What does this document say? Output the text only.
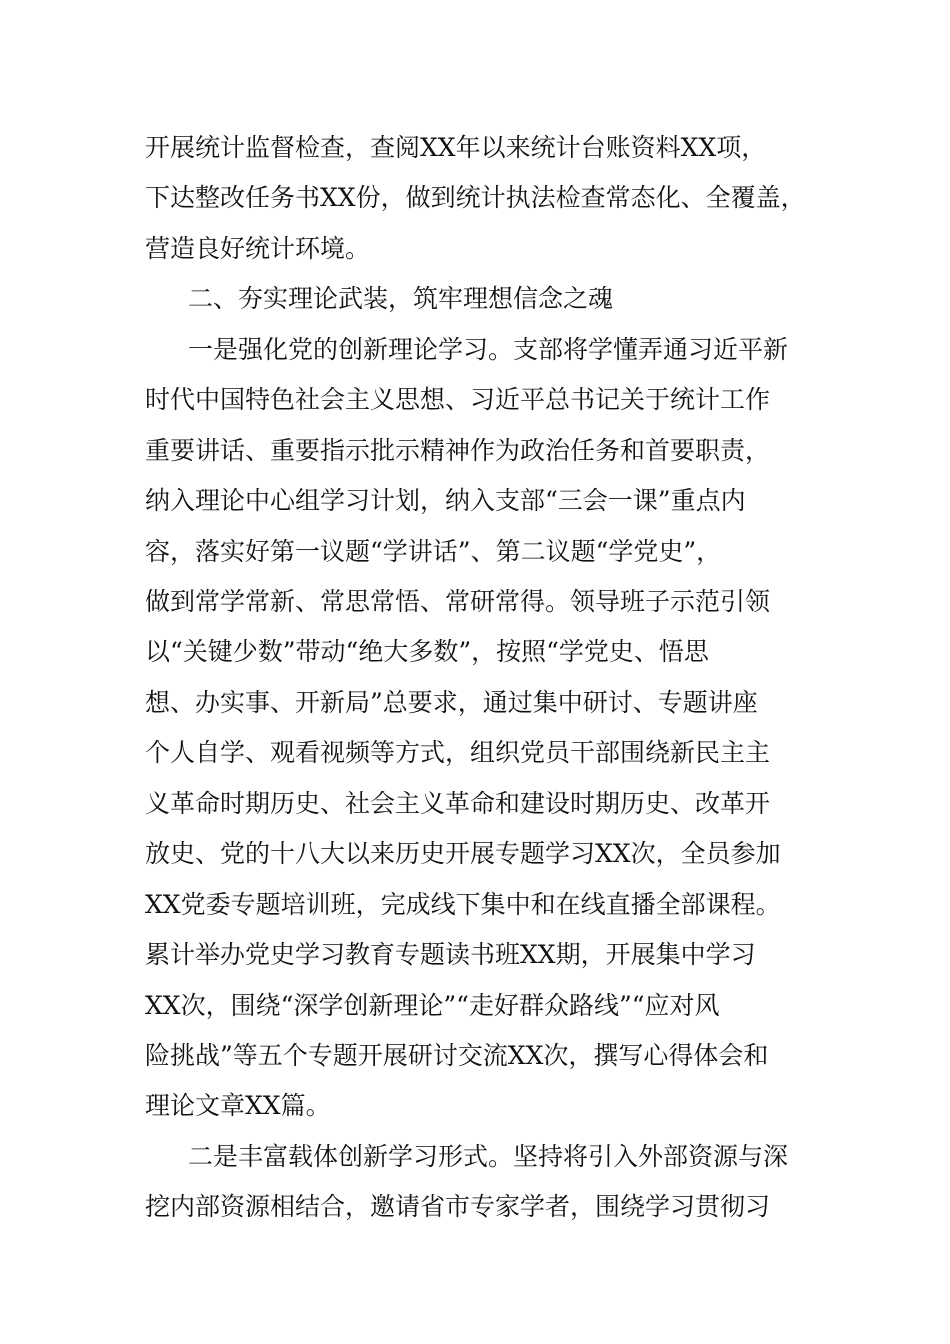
开展统计监督检查，查阅XX年以来统计台账资料XX项，
下达整改任务书XX份，做到统计执法检查常态化、全覆盖，
营造良好统计环境。
二、夯实理论武装，筑牢理想信念之魂
一是强化党的创新理论学习。支部将学懂弄通习近平新
时代中国特色社会主义思想、习近平总书记关于统计工作
重要讲话、重要指示批示精神作为政治任务和首要职责，
纳入理论中心组学习计划，纳入支部“三会一课”重点内
容，落实好第一议题“学讲话”、第二议题“学党史”，
做到常学常新、常思常悟、常研常得。领导班子示范引领
以“关键少数”带动“绝大多数”，按照“学党史、悟思
想、办实事、开新局”总要求，通过集中研讨、专题讲座
个人自学、观看视频等方式，组织党员干部围绕新民主主
义革命时期历史、社会主义革命和建设时期历史、改革开
放史、党的十八大以来历史开展专题学习XX次，全员参加
XX党委专题培训班，完成线下集中和在线直播全部课程。
累计举办党史学习教育专题读书班XX期，开展集中学习
XX次，围绕“深学创新理论”“走好群众路线”“应对风
险挑战”等五个专题开展研讨交流XX次，撰写心得体会和
理论文章XX篇。
二是丰富载体创新学习形式。坚持将引入外部资源与深
挖内部资源相结合，邀请省市专家学者，围绕学习贯彻习
